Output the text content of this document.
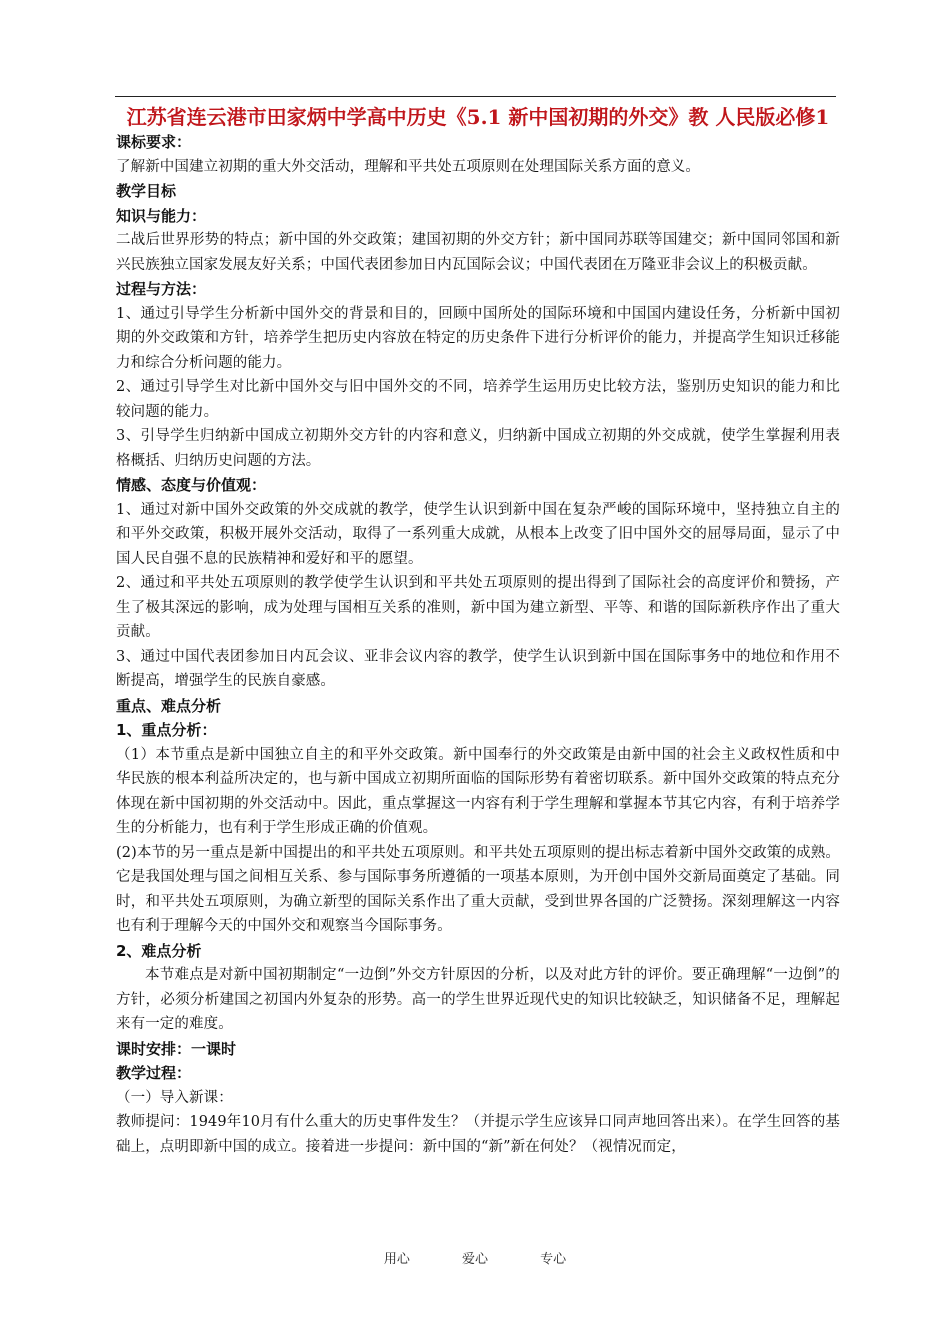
江苏省连云港市田家炳中学高中历史《5.1 新中国初期的外交》教 人民版必修1
课标要求：

了解新中国建立初期的重大外交活动，理解和平共处五项原则在处理国际关系方面的意义。

教学目标
知识与能力：

二战后世界形势的特点；新中国的外交政策；建国初期的外交方针；新中国同苏联等国建交；新中国同邻国和新兴民族独立国家发展友好关系；中国代表团参加日内瓦国际会议；中国代表团在万隆亚非会议上的积极贡献。

过程与方法：

1、通过引导学生分析新中国外交的背景和目的，回顾中国所处的国际环境和中国国内建设任务，分析新中国初期的外交政策和方针，培养学生把历史内容放在特定的历史条件下进行分析评价的能力，并提高学生知识迁移能力和综合分析问题的能力。

2、通过引导学生对比新中国外交与旧中国外交的不同，培养学生运用历史比较方法，鉴别历史知识的能力和比较问题的能力。

3、引导学生归纳新中国成立初期外交方针的内容和意义，归纳新中国成立初期的外交成就，使学生掌握利用表格概括、归纳历史问题的方法。

情感、态度与价值观：

1、通过对新中国外交政策的外交成就的教学，使学生认识到新中国在复杂严峻的国际环境中，坚持独立自主的和平外交政策，积极开展外交活动，取得了一系列重大成就，从根本上改变了旧中国外交的屈辱局面，显示了中国人民自强不息的民族精神和爱好和平的愿望。

2、通过和平共处五项原则的教学使学生认识到和平共处五项原则的提出得到了国际社会的高度评价和赞扬，产生了极其深远的影响，成为处理与国相互关系的准则，新中国为建立新型、平等、和谐的国际新秩序作出了重大贡献。

3、通过中国代表团参加日内瓦会议、亚非会议内容的教学，使学生认识到新中国在国际事务中的地位和作用不断提高，增强学生的民族自豪感。

重点、难点分析
1、重点分析：

（1）本节重点是新中国独立自主的和平外交政策。新中国奉行的外交政策是由新中国的社会主义政权性质和中华民族的根本利益所决定的，也与新中国成立初期所面临的国际形势有着密切联系。新中国外交政策的特点充分体现在新中国初期的外交活动中。因此，重点掌握这一内容有利于学生理解和掌握本节其它内容，有利于培养学生的分析能力，也有利于学生形成正确的价值观。

(2)本节的另一重点是新中国提出的和平共处五项原则。和平共处五项原则的提出标志着新中国外交政策的成熟。它是我国处理与国之间相互关系、参与国际事务所遵循的一项基本原则，为开创中国外交新局面奠定了基础。同时，和平共处五项原则，为确立新型的国际关系作出了重大贡献，受到世界各国的广泛赞扬。深刻理解这一内容也有利于理解今天的中国外交和观察当今国际事务。

2、难点分析

本节难点是对新中国初期制定“一边倒”外交方针原因的分析，以及对此方针的评价。要正确理解“一边倒”的方针，必须分析建国之初国内外复杂的形势。高一的学生世界近现代史的知识比较缺乏，知识储备不足，理解起来有一定的难度。

课时安排：一课时
教学过程：

（一）导入新课：

教师提问：1949年10月有什么重大的历史事件发生？（并提示学生应该异口同声地回答出来）。在学生回答的基础上，点明即新中国的成立。接着进一步提问：新中国的“新”新在何处？（视情况而定，

用心	爱心	专心
